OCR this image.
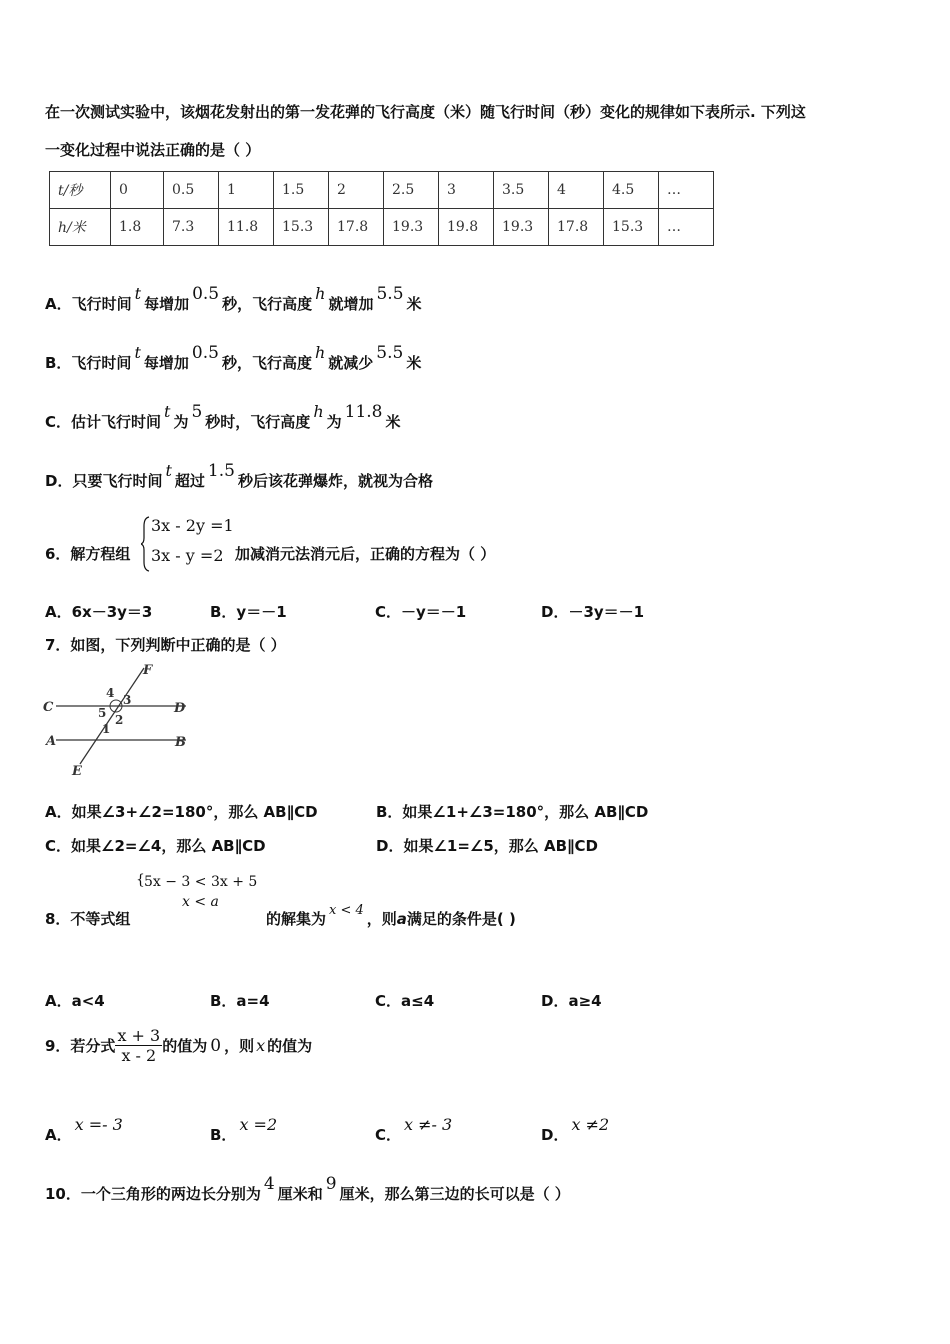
在一次测试实验中，该烟花发射出的第一发花弹的飞行高度（米）随飞行时间（秒）变化的规律如下表所示. 下列这
一变化过程中说法正确的是（ ）
t/秒	0	0.5	1	1.5	2	2.5	3	3.5	4	4.5	…
h/米	1.8	7.3	11.8	15.3	17.8	19.3	19.8	19.3	17.8	15.3	…
A．飞行时间t每增加 0.5 秒，飞行高度h就增加 5.5 米
B．飞行时间t每增加 0.5 秒，飞行高度h就减少 5.5 米
C．估计飞行时间t为 5 秒时，飞行高度h为 11.8 米
D．只要飞行时间t超过 1.5 秒后该花弹爆炸，就视为合格
6．解方程组
3x - 2y =1
3x - y =2 加减消元法消元后，正确的方程为（ ）
A．6x－3y＝3	B．y＝－1	C．－y＝－1	D．－3y＝－1
7．如图，下列判断中正确的是（ ）
F
C	D
A	B
E
1
2
3
4
5
A．如果∠3+∠2=180°，那么 AB∥CD	B．如果∠1+∠3=180°，那么 AB∥CD
C．如果∠2=∠4，那么 AB∥CD	D．如果∠1=∠5，那么 AB∥CD
8．不等式组
{ 5x − 3 < 3x + 5
x < a
的解集为 x < 4 ，则a满足的条件是( )
A．a<4	B．a=4	C．a≤4	D．a≥4
9．若分式 $\frac{x + 3}{x - 2}$ 的值为 0 ，则 x 的值为
A．x =- 3
B．x =2
C．x ≠- 3
D．x ≠2
10．一个三角形的两边长分别为 4 厘米和 9 厘米，那么第三边的长可以是（ ）
